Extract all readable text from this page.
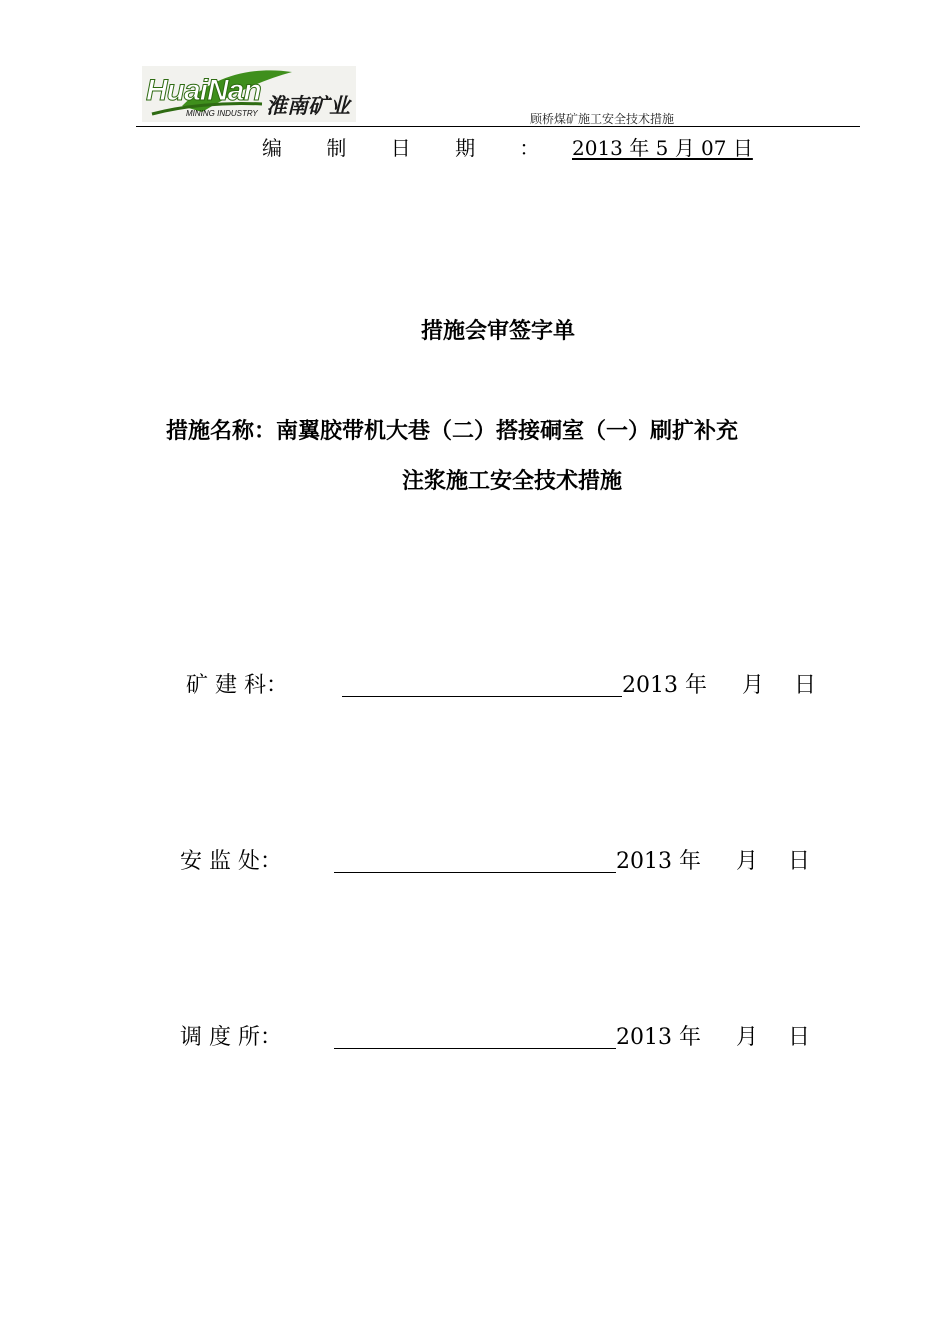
HuaiNan 淮南矿业
MINING INDUSTRY	顾桥煤矿施工安全技术措施
编 制 日 期 ： 2013 年 5 月 07 日
措施会审签字单
措施名称：南翼胶带机大巷（二）搭接硐室（一）刷扩补充
注浆施工安全技术措施
矿 建 科：	2013 年 月 日
安 监 处：	2013 年 月 日
调 度 所：	2013 年 月 日
